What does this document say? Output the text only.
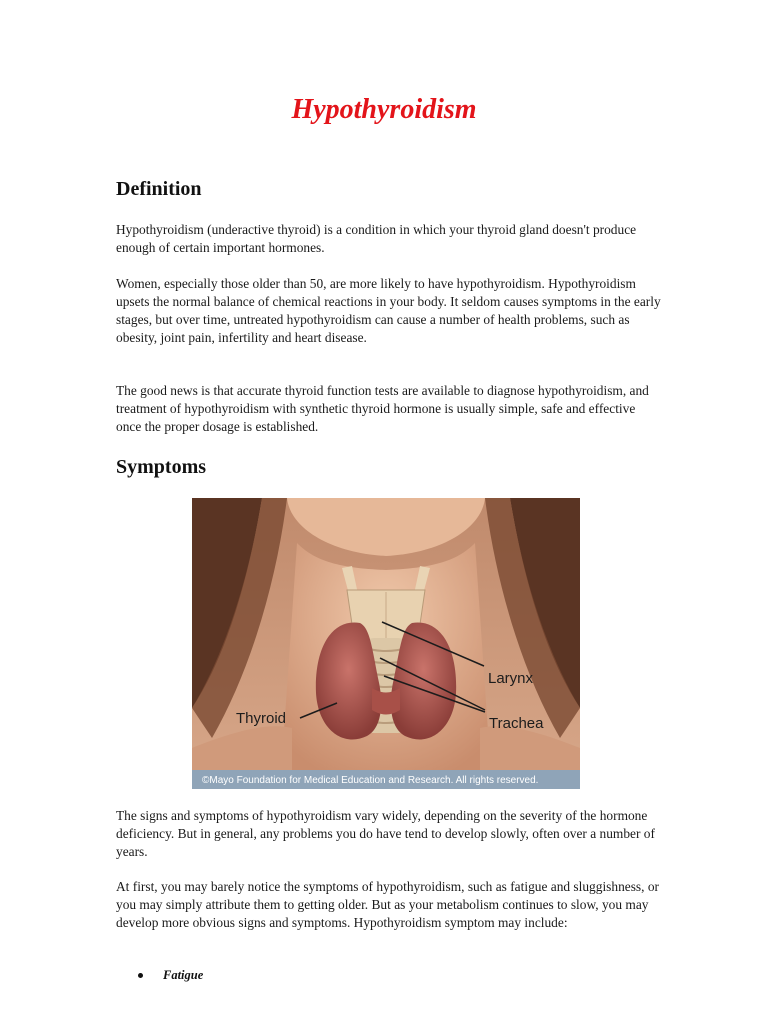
Hypothyroidism
Definition

Hypothyroidism (underactive thyroid) is a condition in which your thyroid gland doesn't produce enough of certain important hormones.

Women, especially those older than 50, are more likely to have hypothyroidism. Hypothyroidism upsets the normal balance of chemical reactions in your body. It seldom causes symptoms in the early stages, but over time, untreated hypothyroidism can cause a number of health problems, such as obesity, joint pain, infertility and heart disease.

The good news is that accurate thyroid function tests are available to diagnose hypothyroidism, and treatment of hypothyroidism with synthetic thyroid hormone is usually simple, safe and effective once the proper dosage is established.

Symptoms
Larynx
Trachea
Thyroid
©Mayo Foundation for Medical Education and Research. All rights reserved.

The signs and symptoms of hypothyroidism vary widely, depending on the severity of the hormone deficiency. But in general, any problems you do have tend to develop slowly, often over a number of years.

At first, you may barely notice the symptoms of hypothyroidism, such as fatigue and sluggishness, or you may simply attribute them to getting older. But as your metabolism continues to slow, you may develop more obvious signs and symptoms. Hypothyroidism symptom may include:

Fatigue
